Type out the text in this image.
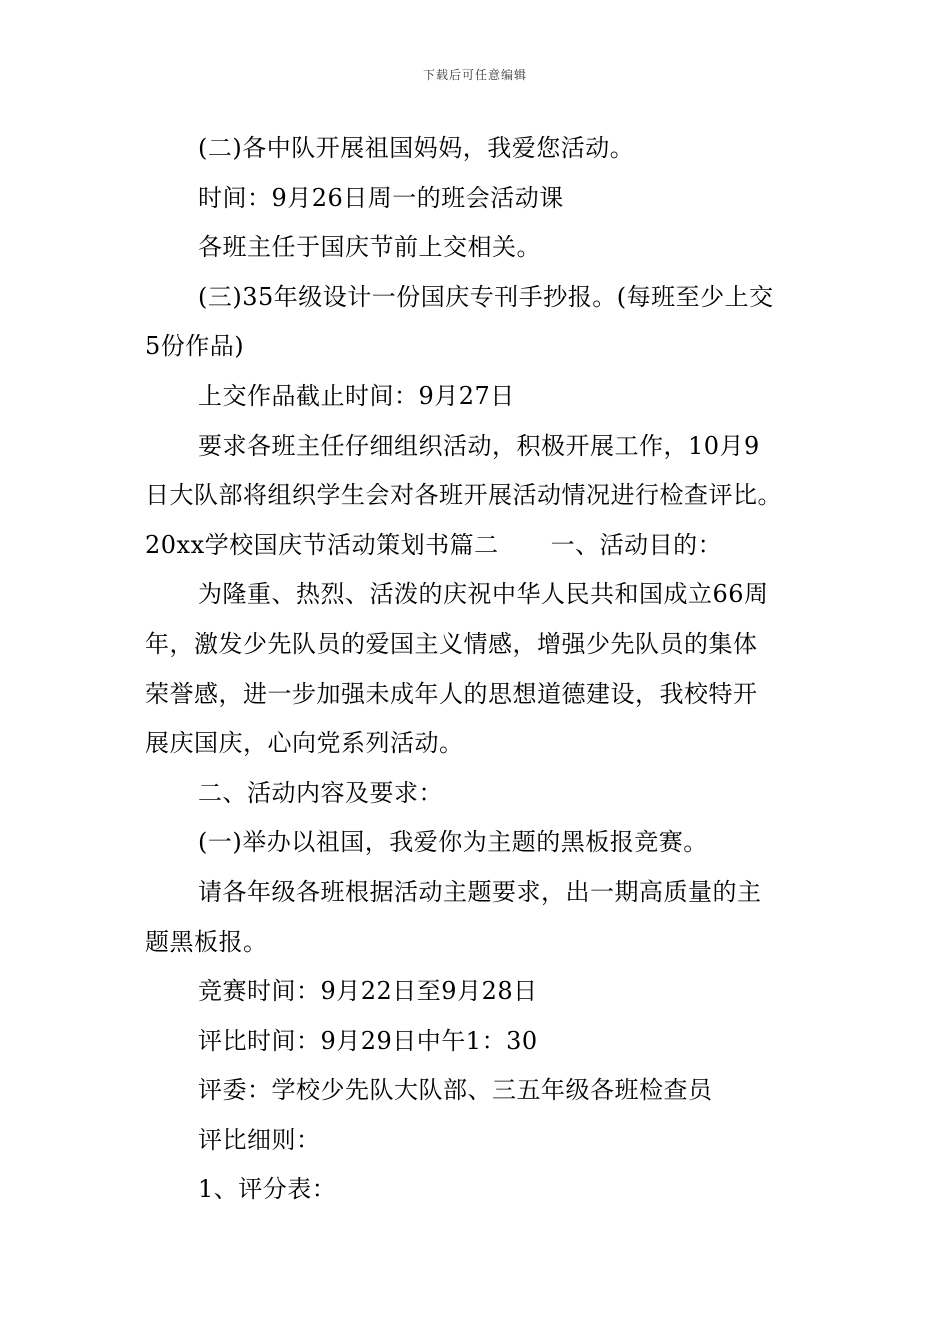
下载后可任意编辑
(二)各中队开展祖国妈妈，我爱您活动。
时间：9月26日周一的班会活动课
各班主任于国庆节前上交相关。
(三)35年级设计一份国庆专刊手抄报。(每班至少上交
5份作品)
上交作品截止时间：9月27日
要求各班主任仔细组织活动，积极开展工作，10月9
日大队部将组织学生会对各班开展活动情况进行检查评比。
20xx学校国庆节活动策划书篇二 一、活动目的：
为隆重、热烈、活泼的庆祝中华人民共和国成立66周
年，激发少先队员的爱国主义情感，增强少先队员的集体
荣誉感，进一步加强未成年人的思想道德建设，我校特开
展庆国庆，心向党系列活动。
二、活动内容及要求：
(一)举办以祖国，我爱你为主题的黑板报竞赛。
请各年级各班根据活动主题要求，出一期高质量的主
题黑板报。
竞赛时间：9月22日至9月28日
评比时间：9月29日中午1：30
评委：学校少先队大队部、三五年级各班检查员
评比细则：
1、评分表：
